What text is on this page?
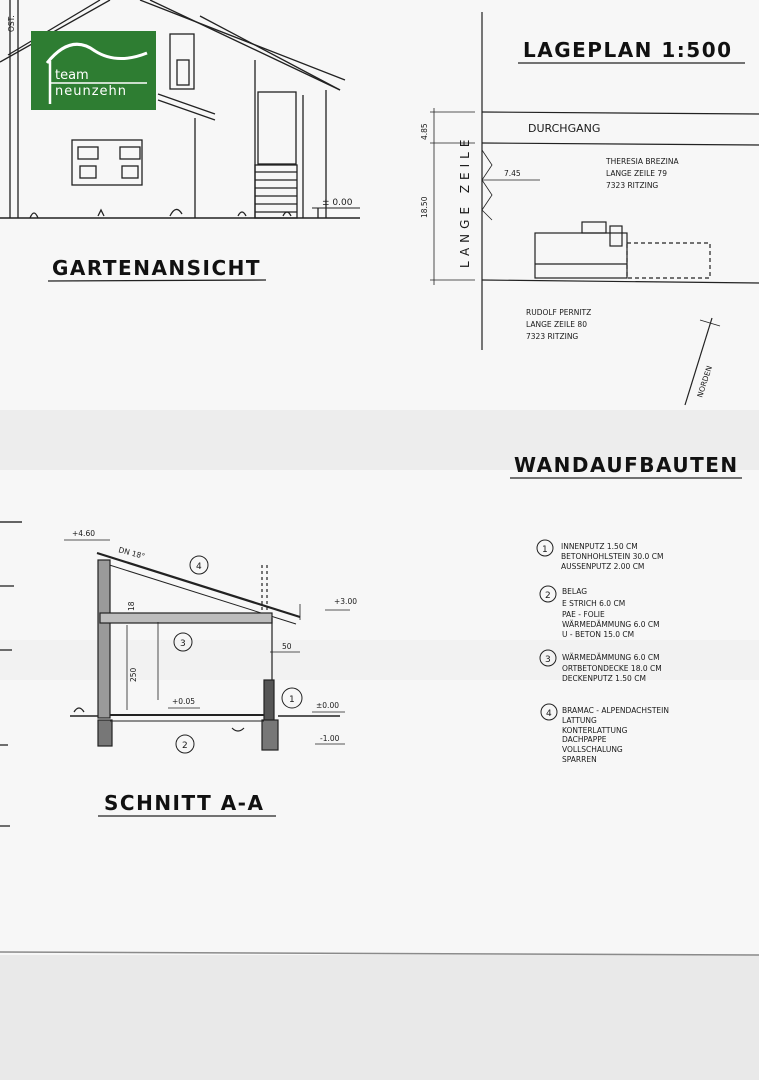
± 0.00
OST.
GARTENANSICHT
LAGEPLAN 1:500
4.85
18.50
DURCHGANG
LANGE ZEILE	7.45
THERESIA BREZINA
LANGE ZEILE 79
7323 RITZING
RUDOLF PERNITZ
LANGE ZEILE 80
7323 RITZING
NORDEN
4
3
1
2
+4.60
DN 18°
+3.00
18
250
50
+0.05	±0.00
-1.00
SCHNITT A-A
WANDAUFBAUTEN
1 INNENPUTZ 1.50 CM
BETONHOHLSTEIN 30.0 CM
AUSSENPUTZ 2.00 CM
2 BELAG
E STRICH 6.0 CM
PAE - FOLIE
WÄRMEDÄMMUNG 6.0 CM
U - BETON 15.0 CM
3 WÄRMEDÄMMUNG 6.0 CM
ORTBETONDECKE 18.0 CM
DECKENPUTZ 1.50 CM
4 BRAMAC - ALPENDACHSTEIN
LATTUNG
KONTERLATTUNG
DACHPAPPE
VOLLSCHALUNG
SPARREN
team
neunzehn
